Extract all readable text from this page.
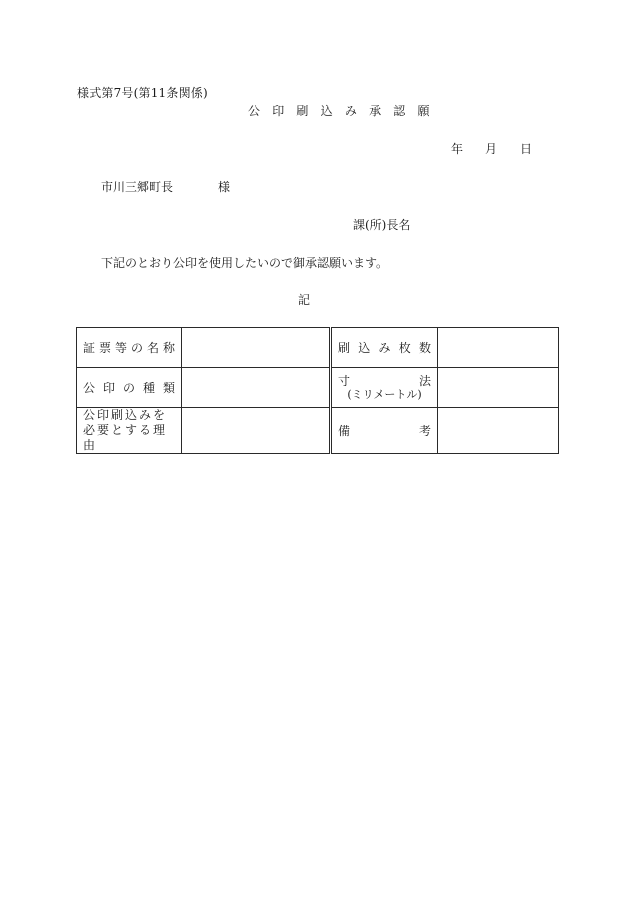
様式第7号(第11条関係)
公 印 刷 込 み 承 認 願
年 月 日
市川三郷町長	様
課(所)長名
下記のとおり公印を使用したいので御承認願います。
記
証票等の名称		刷込み枚数	
公印の種類		寸 法
(ミリメートル)	

公印刷込みを必要とする理由		備 考	
